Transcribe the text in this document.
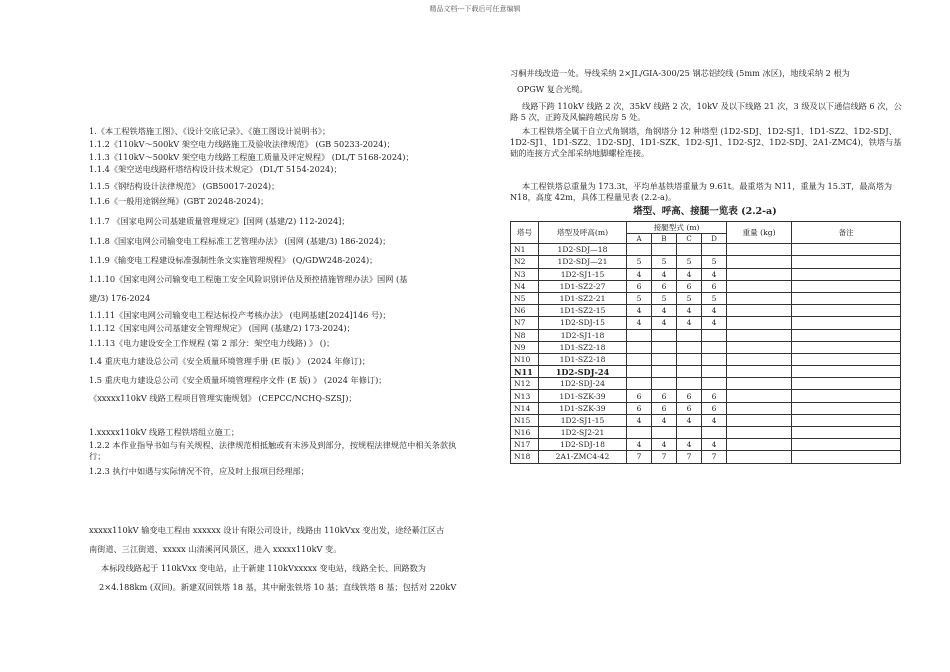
精品文档---下载后可任意编辑
1.《本工程铁塔施工图》、《设计交底记录》、《施工图设计说明书》；
1.1.2《110kV～500kV 架空电力线路施工及验收法律规范》 (GB 50233-2024)；
1.1.3《110kV～500kV 架空电力线路工程施工质量及评定规程》 (DL/T 5168-2024)；
1.1.4《架空送电线路杆塔结构设计技术规定》 (DL/T 5154-2024)；
1.1.5《钢结构设计法律规范》 (GB50017-2024)；
1.1.6《一般用途钢丝绳》(GBT 20248-2024)；
1.1.7 《国家电网公司基建质量管理规定》[国网 (基建/2) 112-2024]；
1.1.8《国家电网公司输变电工程标准工艺管理办法》 (国网 (基建/3) 186-2024)；
1.1.9《输变电工程建设标准强制性条文实施管理规程》 (Q/GDW248-2024)；
1.1.10《国家电网公司输变电工程施工安全风险识别评估及预控措施管理办法》国网 (基
建/3) 176-2024
1.1.11《国家电网公司输变电工程达标投产考核办法》 (电网基建[2024]146 号)；
1.1.12《国家电网公司基建安全管理规定》 (国网 (基建/2) 173-2024)；
1.1.13《电力建设安全工作规程 (第 2 部分：架空电力线路) 》 ()；
1.4 重庆电力建设总公司《安全质量环境管理手册 (E 版) 》 (2024 年修订)；
1.5 重庆电力建设总公司《安全质量环境管理程序文件 (E 版) 》 (2024 年修订)；
《xxxxx110kV 线路工程项目管理实施规划》 (CEPCC/NCHQ-SZSJ)；
1.xxxxx110kV 线路工程铁塔组立施工；
1.2.2 本作业指导书如与有关规程、法律规范相抵触或有未涉及到部分，按规程法律规范中相关条款执行；
1.2.3 执行中如遇与实际情况不符，应及时上报项目经理部；
xxxxx110kV 输变电工程由 xxxxxx 设计有限公司设计，线路由 110kVxx 变出发，途经綦江区古
南街道、三江街道、xxxxx 山清溪河风景区，进入 xxxxx110kV 变。
本标段线路起于 110kVxx 变电站，止于新建 110kVxxxxx 变电站，线路全长、回路数为
2×4.188km (双回)。新建双回铁塔 18 基，其中耐张铁塔 10 基；直线铁塔 8 基；包括对 220kV
习桐井线改造一处。导线采纳 2×JL/GIA-300/25 钢芯铝绞线 (5mm 冰区)，地线采纳 2 根为
OPGW 复合光缆。
线路下跨 110kV 线路 2 次，35kV 线路 2 次，10kV 及以下线路 21 次，3 级及以下通信线路 6 次，公路 5 次，正跨及风偏跨越民房 5 处。
本工程铁塔全属于自立式角钢塔，角钢塔分 12 种塔型 (1D2-SDJ、1D2-SJ1、1D1-SZ2、1D2-SDJ、1D2-SJ1、1D1-SZ2、1D2-SDJ、1D1-SZK、1D2-SJ1、1D2-SJ2、1D2-SDJ、2A1-ZMC4)，铁塔与基础的连接方式全部采纳地脚螺栓连接。
本工程铁塔总重量为 173.3t，平均单基铁塔重量为 9.61t。最重塔为 N11，重量为 15.3T，最高塔为 N18，高度 42m，具体工程量见表 (2.2-a)。
塔型、呼高、接腿一览表 (2.2-a)
塔号	塔型及呼高(m)	接腿型式 (m)				重量 (kg)	备注
		A	B	C	D		
N1	1D2-SDJ—18						
N2	1D2-SDJ—21	5	5	5	5		
N3	1D2-SJ1-15	4	4	4	4		
N4	1D1-SZ2-27	6	6	6	6		
N5	1D1-SZ2-21	5	5	5	5		
N6	1D1-SZ2-15	4	4	4	4		
N7	1D2-SDJ-15	4	4	4	4		
N8	1D2-SJ1-18						
N9	1D1-SZ2-18						
N10	1D1-SZ2-18						
N11	1D2-SDJ-24						
N12	1D2-SDJ-24						
N13	1D1-SZK-39	6	6	6	6		
N14	1D1-SZK-39	6	6	6	6		
N15	1D2-SJ1-15	4	4	4	4		
N16	1D2-SJ2-21						
N17	1D2-SDJ-18	4	4	4	4		
N18	2A1-ZMC4-42	7	7	7	7		
